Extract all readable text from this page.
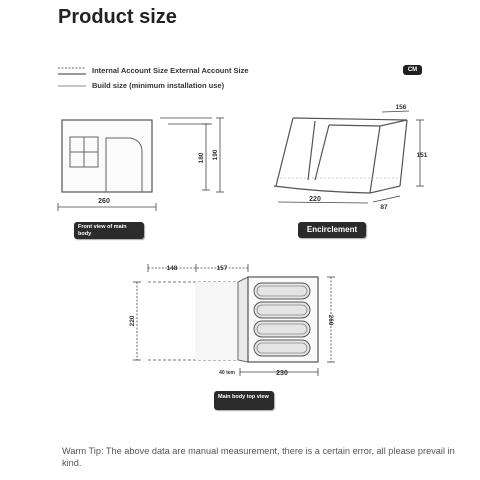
Product size
Internal Account Size External Account Size
Build size (minimum installation use)
CM
260
180 190
Front view of main body
156
151
220
87
Encirclement
148	157
220	260
40 tem	230
Main body top view
Warm Tip: The above data are manual measurement, there is a certain error, all please prevail in kind.
